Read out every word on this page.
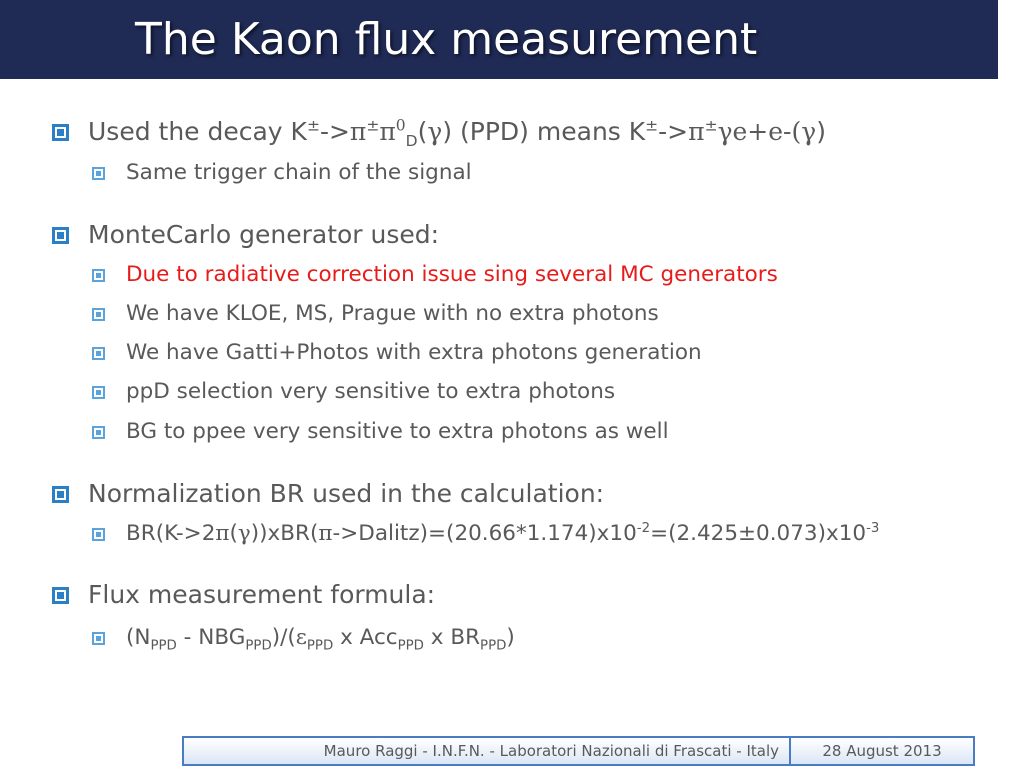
The Kaon flux measurement
Used the decay $K^\pm->\pi^\pm\pi^0_D(\gamma)$ (PPD) means K±->π±γe+e-(γ)
Same trigger chain of the signal
MonteCarlo generator used:
Due to radiative correction issue sing several MC generators
We have KLOE, MS, Prague with no extra photons
We have Gatti+Photos with extra photons generation
ppD selection very sensitive to extra photons
BG to ppee very sensitive to extra photons as well
Normalization BR used in the calculation:
$BR(K->2\pi(\gamma))xBR(\pi->Dalitz)=(20.66*1.174)x10^{-2}=(2.425\pm 0.073)x10^{-3}$
Flux measurement formula:
$(N_{PPD} - NBG_{PPD})/(\varepsilon_{PPD}$ x Acc$_{PPD}$ x $BR_{PPD}$)
Mauro Raggi - I.N.F.N. - Laboratori Nazionali di Frascati - Italy	28 August 2013
